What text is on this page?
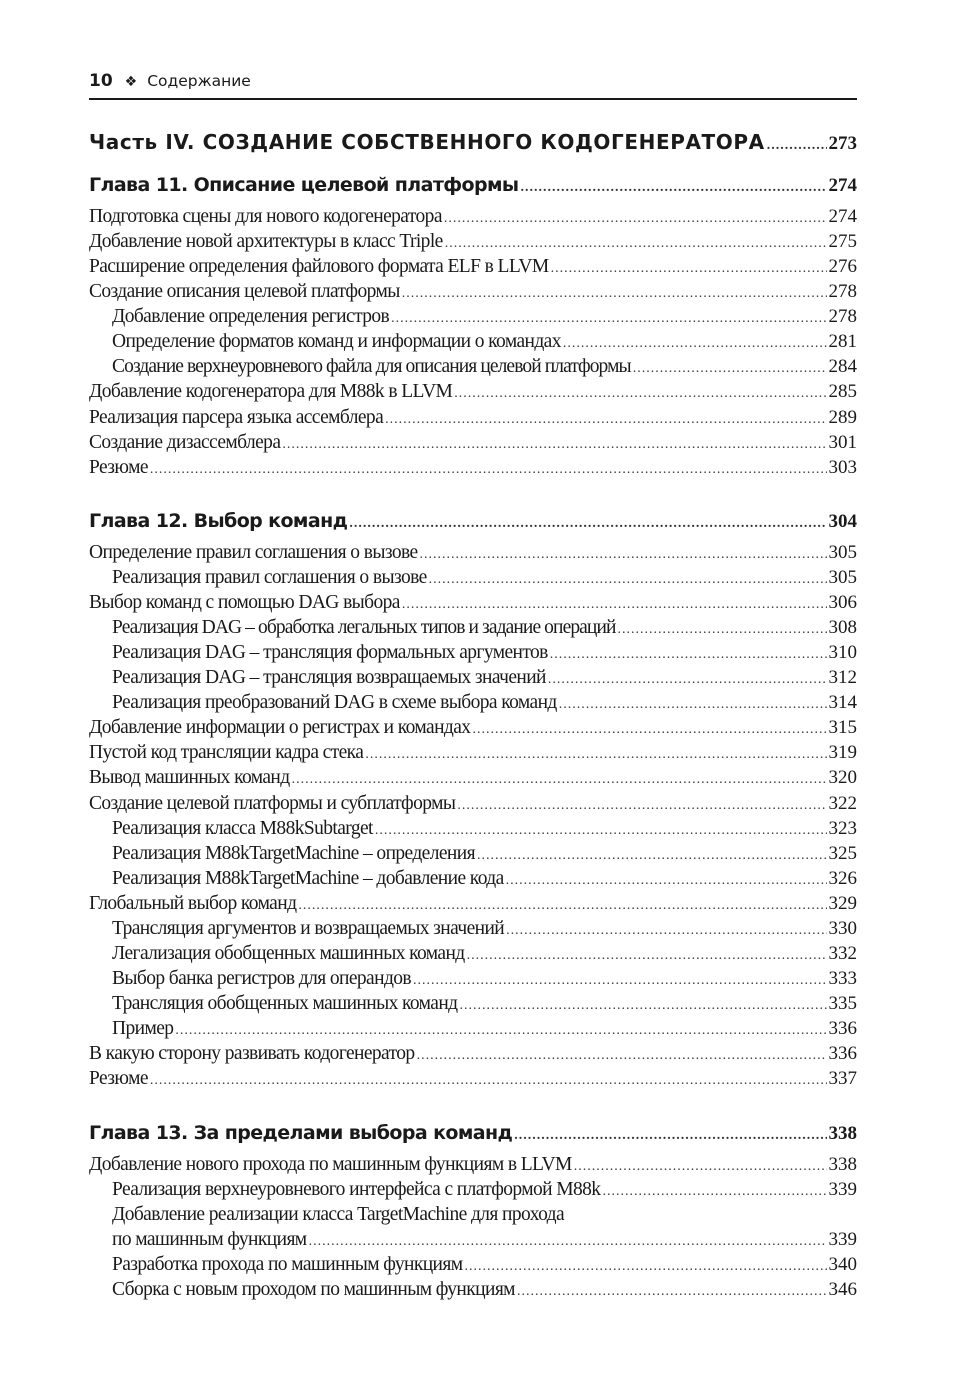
10 ❖ Содержание
Часть IV. СОЗДАНИЕ СОБСТВЕННОГО КОДОГЕНЕРАТОРА .....	273
Глава 11. Описание целевой платформы .....	274
Подготовка сцены для нового кодогенератора .....	274
Добавление новой архитектуры в класс Triple .....	275
Расширение определения файлового формата ELF в LLVM .....	276
Создание описания целевой платформы .....	278
Добавление определения регистров .....	278
Определение форматов команд и информации о командах .....	281
Создание верхнеуровневого файла для описания целевой платформы .....	284
Добавление кодогенератора для M88k в LLVM .....	285
Реализация парсера языка ассемблера .....	289
Создание дизассемблера .....	301
Резюме .....	303
Глава 12. Выбор команд .....	304
Определение правил соглашения о вызове .....	305
Реализация правил соглашения о вызове .....	305
Выбор команд с помощью DAG выбора .....	306
Реализация DAG – обработка легальных типов и задание операций .....	308
Реализация DAG – трансляция формальных аргументов .....	310
Реализация DAG – трансляция возвращаемых значений .....	312
Реализация преобразований DAG в схеме выбора команд .....	314
Добавление информации о регистрах и командах .....	315
Пустой код трансляции кадра стека .....	319
Вывод машинных команд .....	320
Создание целевой платформы и субплатформы .....	322
Реализация класса M88kSubtarget .....	323
Реализация M88kTargetMachine – определения .....	325
Реализация M88kTargetMachine – добавление кода .....	326
Глобальный выбор команд .....	329
Трансляция аргументов и возвращаемых значений .....	330
Легализация обобщенных машинных команд .....	332
Выбор банка регистров для операндов .....	333
Трансляция обобщенных машинных команд .....	335
Пример .....	336
В какую сторону развивать кодогенератор .....	336
Резюме .....	337
Глава 13. За пределами выбора команд .....	338
Добавление нового прохода по машинным функциям в LLVM .....	338
Реализация верхнеуровневого интерфейса с платформой M88k .....	339
Добавление реализации класса TargetMachine для прохода
по машинным функциям .....	339
Разработка прохода по машинным функциям .....	340
Сборка с новым проходом по машинным функциям .....	346
